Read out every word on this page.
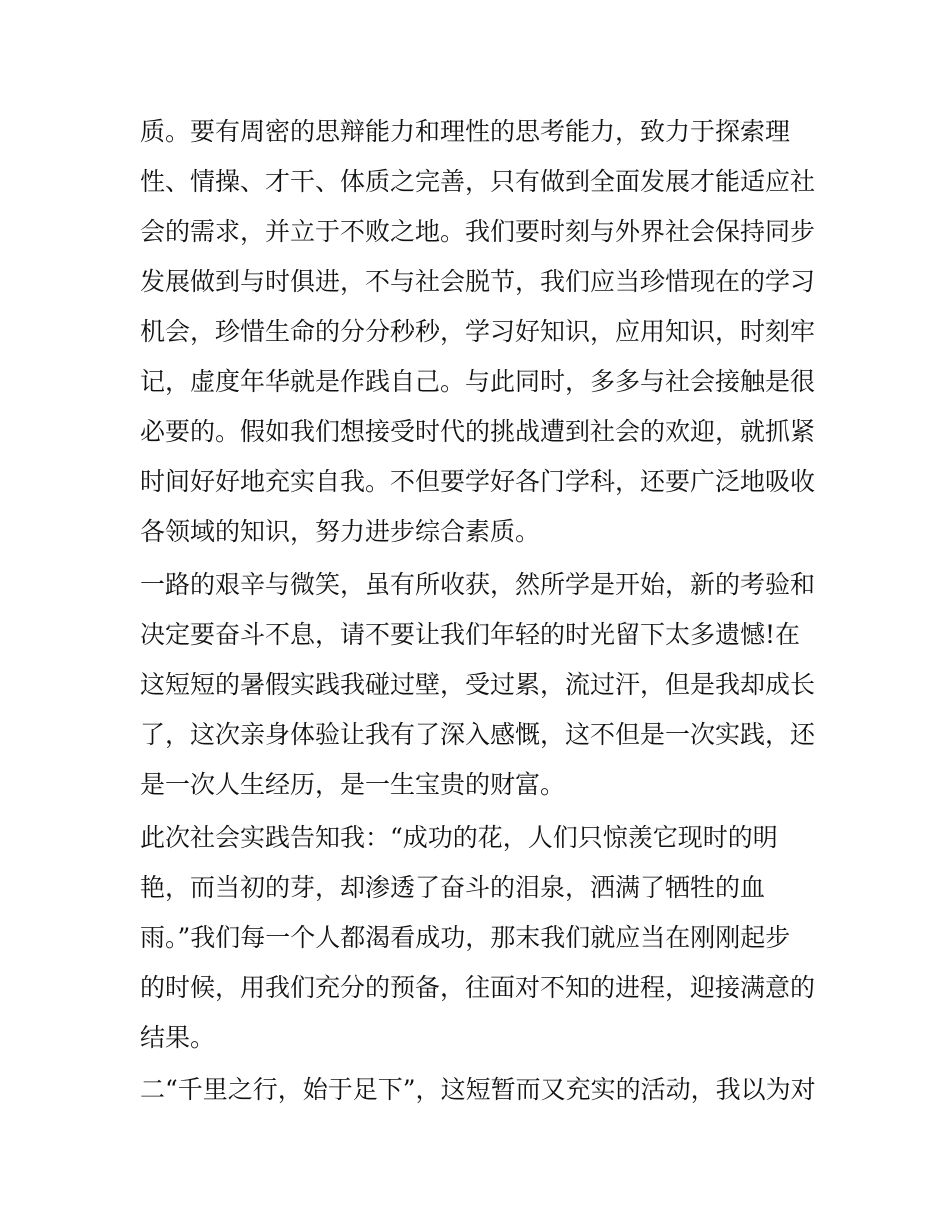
质。要有周密的思辩能力和理性的思考能力，致力于探索理
性、情操、才干、体质之完善，只有做到全面发展才能适应社
会的需求，并立于不败之地。我们要时刻与外界社会保持同步
发展做到与时俱进，不与社会脱节，我们应当珍惜现在的学习
机会，珍惜生命的分分秒秒，学习好知识，应用知识，时刻牢
记，虚度年华就是作践自己。与此同时，多多与社会接触是很
必要的。假如我们想接受时代的挑战遭到社会的欢迎，就抓紧
时间好好地充实自我。不但要学好各门学科，还要广泛地吸收
各领域的知识，努力进步综合素质。
一路的艰辛与微笑，虽有所收获，然所学是开始，新的考验和
决定要奋斗不息，请不要让我们年轻的时光留下太多遗憾!在
这短短的暑假实践我碰过壁，受过累，流过汗，但是我却成长
了，这次亲身体验让我有了深入感慨，这不但是一次实践，还
是一次人生经历，是一生宝贵的财富。
此次社会实践告知我：“成功的花，人们只惊羡它现时的明
艳，而当初的芽，却渗透了奋斗的泪泉，洒满了牺牲的血
雨。”我们每一个人都渴看成功，那末我们就应当在刚刚起步
的时候，用我们充分的预备，往面对不知的进程，迎接满意的
结果。
二“千里之行，始于足下”，这短暂而又充实的活动，我以为对
